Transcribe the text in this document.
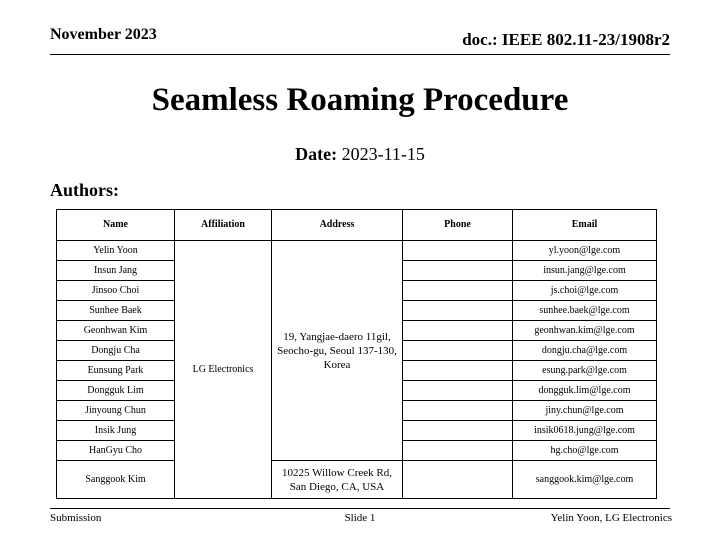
November 2023	doc.: IEEE 802.11-23/1908r2
Seamless Roaming Procedure
Date: 2023-11-15
Authors:
Name	Affiliation	Address	Phone	Email
Yelin Yoon	LG Electronics	19, Yangjae-daero 11gil, Seocho-gu, Seoul 137-130, Korea		yl.yoon@lge.com
Insun Jang				insun.jang@lge.com
Jinsoo Choi				js.choi@lge.com
Sunhee Baek				sunhee.baek@lge.com
Geonhwan Kim				geonhwan.kim@lge.com
Dongju Cha				dongju.cha@lge.com
Eunsung Park				esung.park@lge.com
Dongguk Lim				dongguk.lim@lge.com
Jinyoung Chun				jiny.chun@lge.com
Insik Jung				insik0618.jung@lge.com
HanGyu Cho				hg.cho@lge.com
Sanggook Kim		10225 Willow Creek Rd, San Diego, CA, USA		sanggook.kim@lge.com
Submission	Slide 1	Yelin Yoon, LG Electronics
